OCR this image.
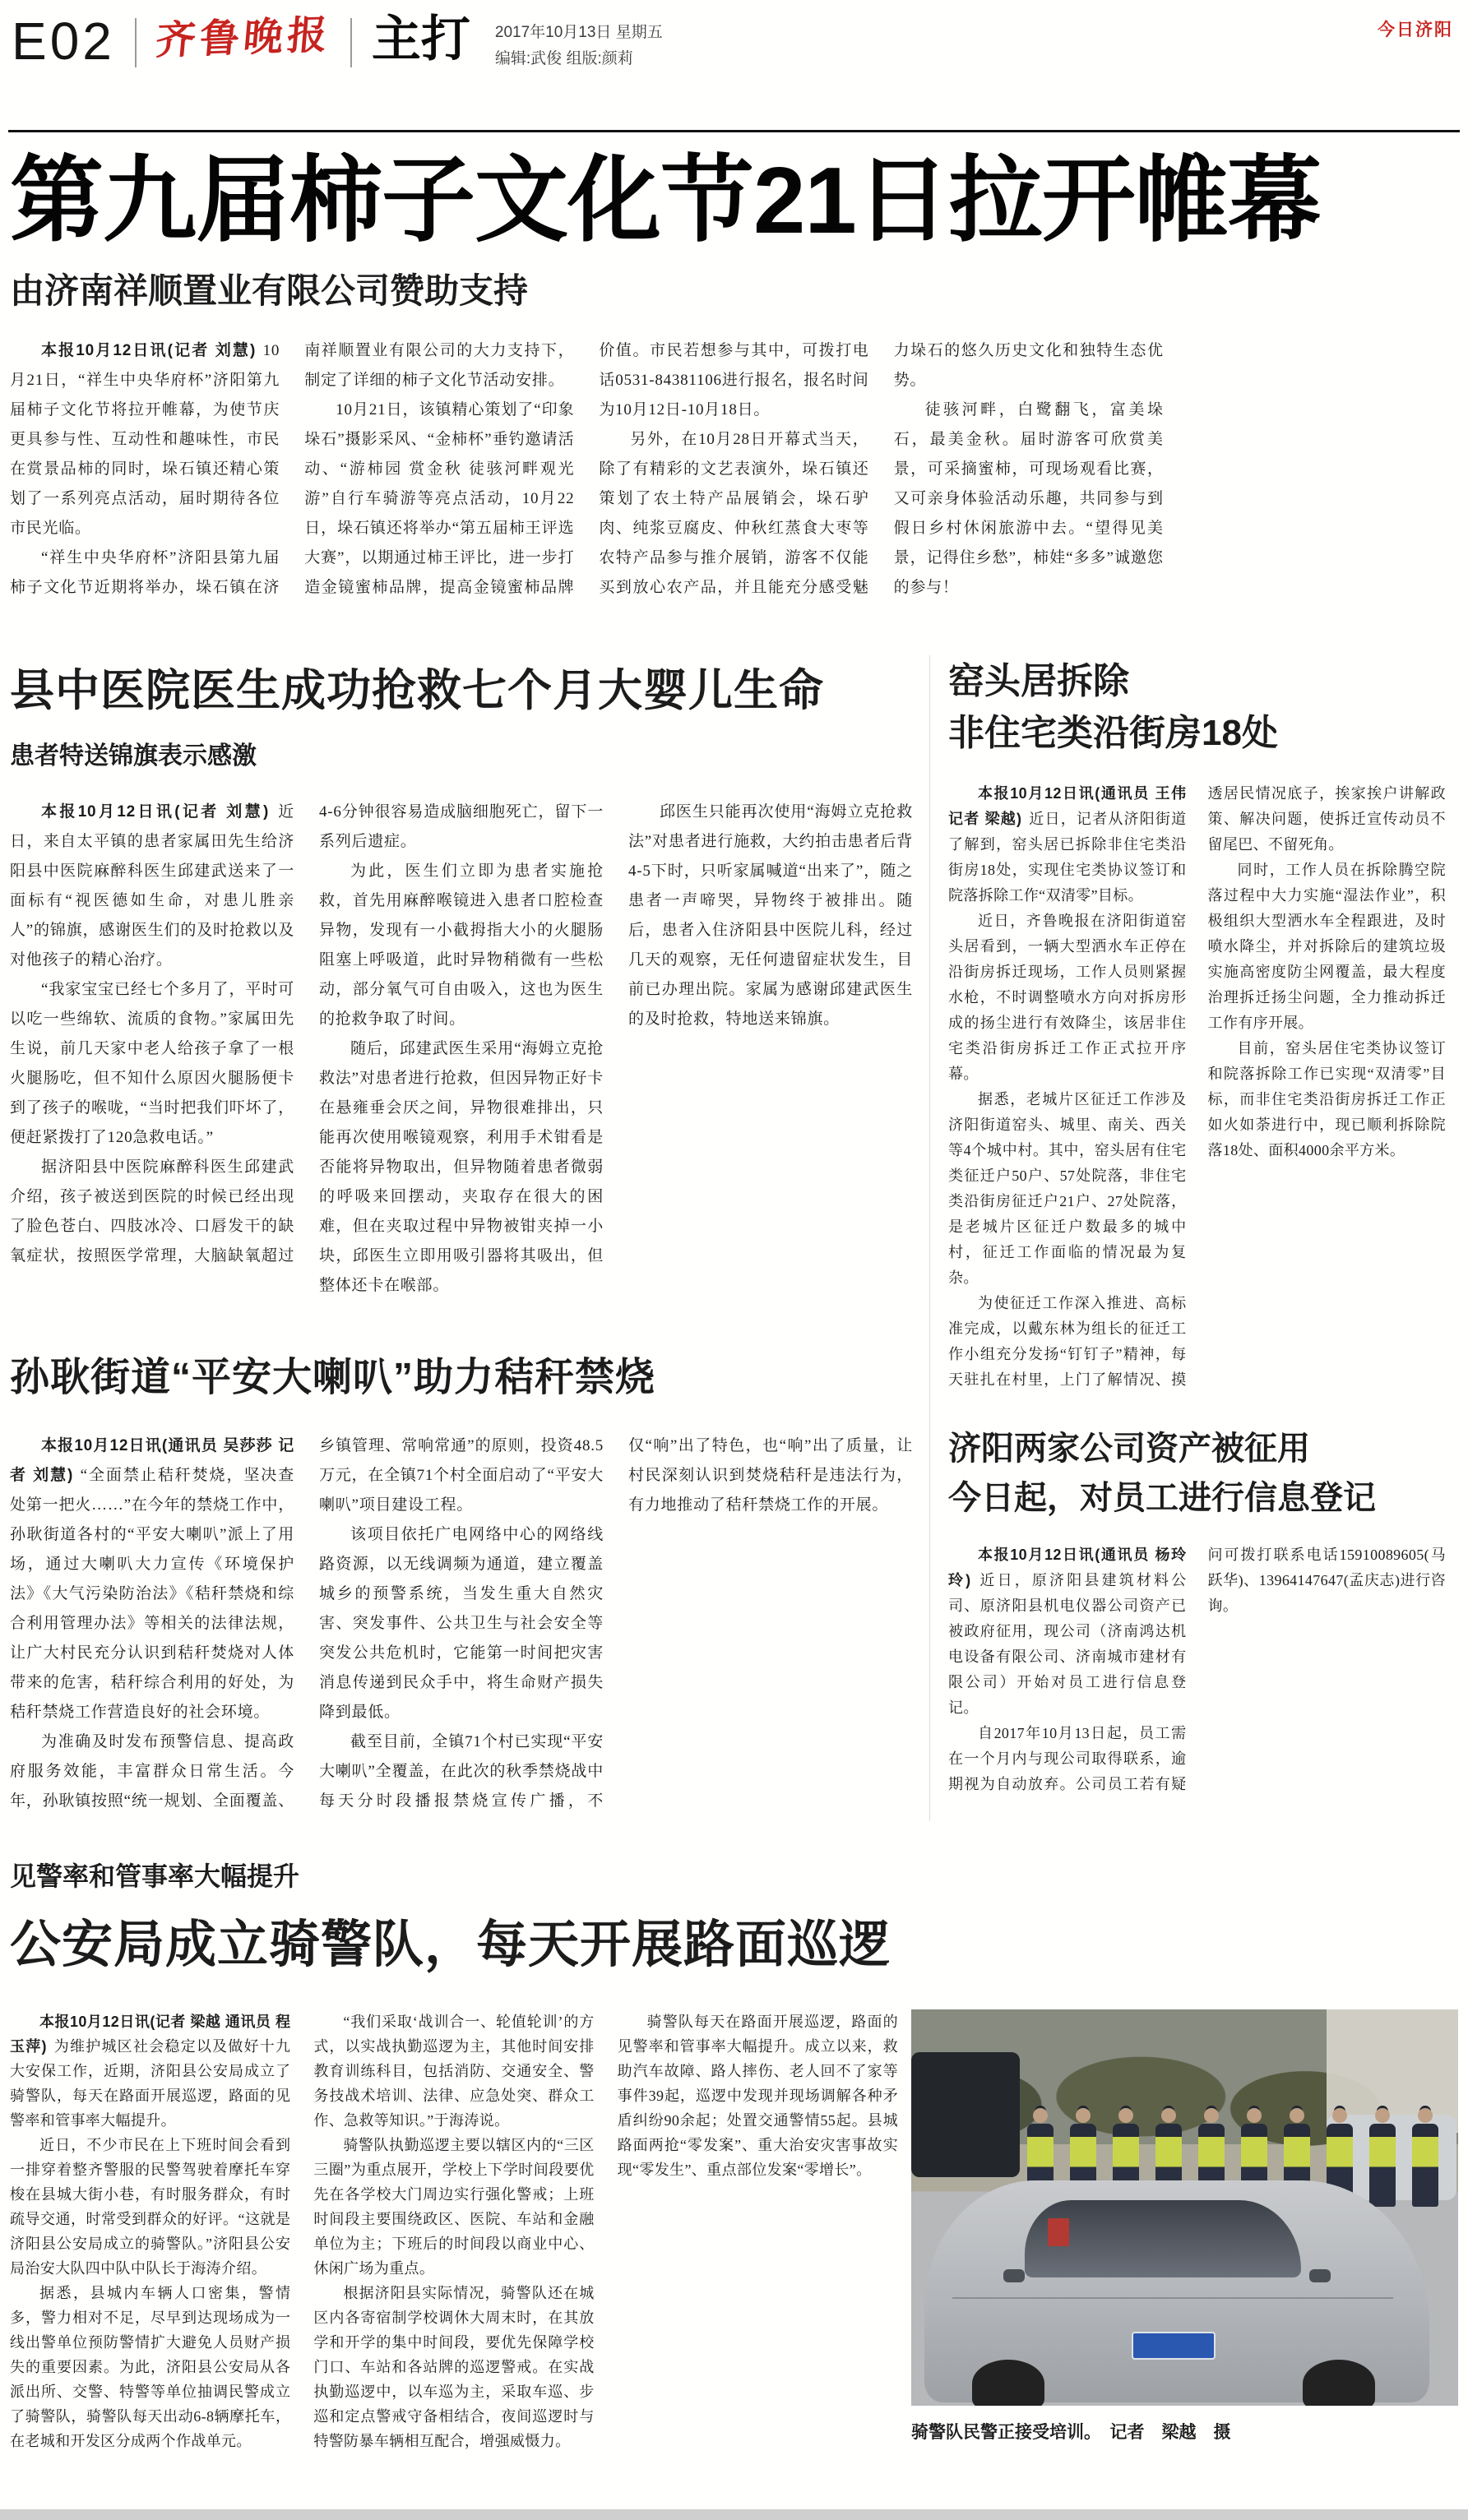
E02 齐鲁晚报 主打 2017年10月13日 星期五
编辑:武俊 组版:颜莉
今日济阳
第九届柿子文化节21日拉开帷幕
由济南祥顺置业有限公司赞助支持

本报10月12日讯(记者 刘慧) 10月21日，“祥生中央华府杯”济阳第九届柿子文化节将拉开帷幕，为使节庆更具参与性、互动性和趣味性，市民在赏景品柿的同时，垛石镇还精心策划了一系列亮点活动，届时期待各位市民光临。

“祥生中央华府杯”济阳县第九届柿子文化节近期将举办，垛石镇在济南祥顺置业有限公司的大力支持下，制定了详细的柿子文化节活动安排。

10月21日，该镇精心策划了“印象垛石”摄影采风、“金柿杯”垂钓邀请活动、“游柿园 赏金秋 徒骇河畔观光游”自行车骑游等亮点活动，10月22日，垛石镇还将举办“第五届柿王评选大赛”，以期通过柿王评比，进一步打造金镜蜜柿品牌，提高金镜蜜柿品牌价值。市民若想参与其中，可拨打电话0531-84381106进行报名，报名时间为10月12日-10月18日。

另外，在10月28日开幕式当天，除了有精彩的文艺表演外，垛石镇还策划了农土特产品展销会，垛石驴肉、纯浆豆腐皮、仲秋红蒸食大枣等农特产品参与推介展销，游客不仅能买到放心农产品，并且能充分感受魅力垛石的悠久历史文化和独特生态优势。

徒骇河畔，白鹭翻飞，富美垛石，最美金秋。届时游客可欣赏美景，可采摘蜜柿，可现场观看比赛，又可亲身体验活动乐趣，共同参与到假日乡村休闲旅游中去。“望得见美景，记得住乡愁”，柿娃“多多”诚邀您的参与！

县中医院医生成功抢救七个月大婴儿生命
患者特送锦旗表示感激

本报10月12日讯(记者 刘慧) 近日，来自太平镇的患者家属田先生给济阳县中医院麻醉科医生邱建武送来了一面标有“视医德如生命，对患儿胜亲人”的锦旗，感谢医生们的及时抢救以及对他孩子的精心治疗。

“我家宝宝已经七个多月了，平时可以吃一些绵软、流质的食物。”家属田先生说，前几天家中老人给孩子拿了一根火腿肠吃，但不知什么原因火腿肠便卡到了孩子的喉咙，“当时把我们吓坏了，便赶紧拨打了120急救电话。”

据济阳县中医院麻醉科医生邱建武介绍，孩子被送到医院的时候已经出现了脸色苍白、四肢冰冷、口唇发干的缺氧症状，按照医学常理，大脑缺氧超过4-6分钟很容易造成脑细胞死亡，留下一系列后遗症。

为此，医生们立即为患者实施抢救，首先用麻醉喉镜进入患者口腔检查异物，发现有一小截拇指大小的火腿肠阻塞上呼吸道，此时异物稍微有一些松动，部分氧气可自由吸入，这也为医生的抢救争取了时间。

随后，邱建武医生采用“海姆立克抢救法”对患者进行抢救，但因异物正好卡在悬雍垂会厌之间，异物很难排出，只能再次使用喉镜观察，利用手术钳看是否能将异物取出，但异物随着患者微弱的呼吸来回摆动，夹取存在很大的困难，但在夹取过程中异物被钳夹掉一小块，邱医生立即用吸引器将其吸出，但整体还卡在喉部。

邱医生只能再次使用“海姆立克抢救法”对患者进行施救，大约拍击患者后背4-5下时，只听家属喊道“出来了”，随之患者一声啼哭，异物终于被排出。随后，患者入住济阳县中医院儿科，经过几天的观察，无任何遗留症状发生，目前已办理出院。家属为感谢邱建武医生的及时抢救，特地送来锦旗。

孙耿街道“平安大喇叭”助力秸秆禁烧

本报10月12日讯(通讯员 吴莎莎 记者 刘慧) “全面禁止秸秆焚烧，坚决查处第一把火……”在今年的禁烧工作中，孙耿街道各村的“平安大喇叭”派上了用场，通过大喇叭大力宣传《环境保护法》《大气污染防治法》《秸秆禁烧和综合利用管理办法》等相关的法律法规，让广大村民充分认识到秸秆焚烧对人体带来的危害，秸秆综合利用的好处，为秸秆禁烧工作营造良好的社会环境。

为准确及时发布预警信息、提高政府服务效能，丰富群众日常生活。今年，孙耿镇按照“统一规划、全面覆盖、乡镇管理、常响常通”的原则，投资48.5万元，在全镇71个村全面启动了“平安大喇叭”项目建设工程。

该项目依托广电网络中心的网络线路资源，以无线调频为通道，建立覆盖城乡的预警系统，当发生重大自然灾害、突发事件、公共卫生与社会安全等突发公共危机时，它能第一时间把灾害消息传递到民众手中，将生命财产损失降到最低。

截至目前，全镇71个村已实现“平安大喇叭”全覆盖，在此次的秋季禁烧战中每天分时段播报禁烧宣传广播，不仅“响”出了特色，也“响”出了质量，让村民深刻认识到焚烧秸秆是违法行为，有力地推动了秸秆禁烧工作的开展。

窑头居拆除
非住宅类沿街房18处

本报10月12日讯(通讯员 王伟 记者 梁越) 近日，记者从济阳街道了解到，窑头居已拆除非住宅类沿街房18处，实现住宅类协议签订和院落拆除工作“双清零”目标。

近日，齐鲁晚报在济阳街道窑头居看到，一辆大型洒水车正停在沿街房拆迁现场，工作人员则紧握水枪，不时调整喷水方向对拆房形成的扬尘进行有效降尘，该居非住宅类沿街房拆迁工作正式拉开序幕。

据悉，老城片区征迁工作涉及济阳街道窑头、城里、南关、西关等4个城中村。其中，窑头居有住宅类征迁户50户、57处院落，非住宅类沿街房征迁户21户、27处院落，是老城片区征迁户数最多的城中村，征迁工作面临的情况最为复杂。

为使征迁工作深入推进、高标准完成，以戴东林为组长的征迁工作小组充分发扬“钉钉子”精神，每天驻扎在村里，上门了解情况、摸透居民情况底子，挨家挨户讲解政策、解决问题，使拆迁宣传动员不留尾巴、不留死角。

同时，工作人员在拆除腾空院落过程中大力实施“湿法作业”，积极组织大型洒水车全程跟进，及时喷水降尘，并对拆除后的建筑垃圾实施高密度防尘网覆盖，最大程度治理拆迁扬尘问题，全力推动拆迁工作有序开展。

目前，窑头居住宅类协议签订和院落拆除工作已实现“双清零”目标，而非住宅类沿街房拆迁工作正如火如荼进行中，现已顺利拆除院落18处、面积4000余平方米。

济阳两家公司资产被征用
今日起，对员工进行信息登记

本报10月12日讯(通讯员 杨玲玲) 近日，原济阳县建筑材料公司、原济阳县机电仪器公司资产已被政府征用，现公司（济南鸿达机电设备有限公司、济南城市建材有限公司）开始对员工进行信息登记。

自2017年10月13日起，员工需在一个月内与现公司取得联系，逾期视为自动放弃。公司员工若有疑问可拨打联系电话15910089605(马跃华)、13964147647(孟庆志)进行咨询。

见警率和管事率大幅提升
公安局成立骑警队，每天开展路面巡逻

本报10月12日讯(记者 梁越 通讯员 程玉萍) 为维护城区社会稳定以及做好十九大安保工作，近期，济阳县公安局成立了骑警队，每天在路面开展巡逻，路面的见警率和管事率大幅提升。

近日，不少市民在上下班时间会看到一排穿着整齐警服的民警驾驶着摩托车穿梭在县城大街小巷，有时服务群众，有时疏导交通，时常受到群众的好评。“这就是济阳县公安局成立的骑警队。”济阳县公安局治安大队四中队中队长于海涛介绍。

据悉，县城内车辆人口密集，警情多，警力相对不足，尽早到达现场成为一线出警单位预防警情扩大避免人员财产损失的重要因素。为此，济阳县公安局从各派出所、交警、特警等单位抽调民警成立了骑警队，骑警队每天出动6-8辆摩托车，在老城和开发区分成两个作战单元。

“我们采取‘战训合一、轮值轮训’的方式，以实战执勤巡逻为主，其他时间安排教育训练科目，包括消防、交通安全、警务技战术培训、法律、应急处突、群众工作、急救等知识。”于海涛说。

骑警队执勤巡逻主要以辖区内的“三区三圈”为重点展开，学校上下学时间段要优先在各学校大门周边实行强化警戒；上班时间段主要围绕政区、医院、车站和金融单位为主；下班后的时间段以商业中心、休闲广场为重点。

根据济阳县实际情况，骑警队还在城区内各寄宿制学校调休大周末时，在其放学和开学的集中时间段，要优先保障学校门口、车站和各站牌的巡逻警戒。在实战执勤巡逻中，以车巡为主，采取车巡、步巡和定点警戒守备相结合，夜间巡逻时与特警防暴车辆相互配合，增强威慑力。

骑警队每天在路面开展巡逻，路面的见警率和管事率大幅提升。成立以来，救助汽车故障、路人摔伤、老人回不了家等事件39起，巡逻中发现并现场调解各种矛盾纠纷90余起；处置交通警情55起。县城路面两抢“零发案”、重大治安灾害事故实现“零发生”、重点部位发案“零增长”。

骑警队民警正接受培训。　记者　梁越　摄
